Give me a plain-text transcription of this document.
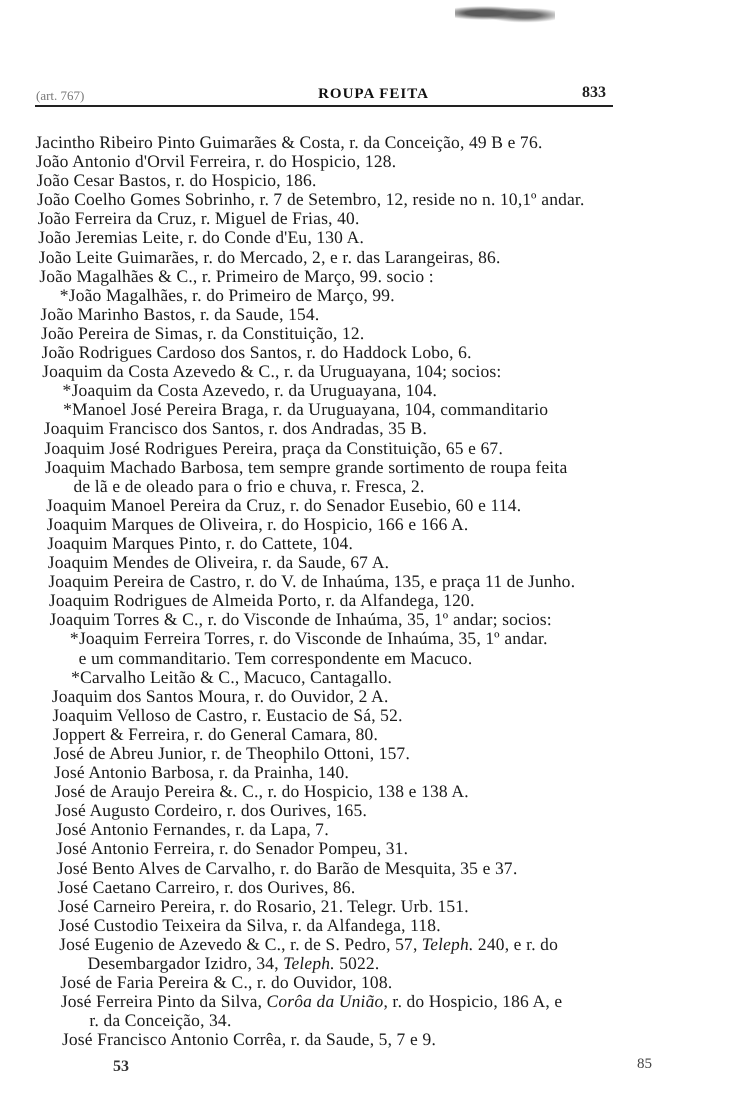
(art. 767)	ROUPA FEITA	833
Jacintho Ribeiro Pinto Guimarães & Costa, r. da Conceição, 49 B e 76.
João Antonio d'Orvil Ferreira, r. do Hospicio, 128.
João Cesar Bastos, r. do Hospicio, 186.
João Coelho Gomes Sobrinho, r. 7 de Setembro, 12, reside no n. 10,1º andar.
João Ferreira da Cruz, r. Miguel de Frias, 40.
João Jeremias Leite, r. do Conde d'Eu, 130 A.
João Leite Guimarães, r. do Mercado, 2, e r. das Larangeiras, 86.
João Magalhães & C., r. Primeiro de Março, 99. socio :
*João Magalhães, r. do Primeiro de Março, 99.
João Marinho Bastos, r. da Saude, 154.
João Pereira de Simas, r. da Constituição, 12.
João Rodrigues Cardoso dos Santos, r. do Haddock Lobo, 6.
Joaquim da Costa Azevedo & C., r. da Uruguayana, 104; socios:
*Joaquim da Costa Azevedo, r. da Uruguayana, 104.
*Manoel José Pereira Braga, r. da Uruguayana, 104, commanditario
Joaquim Francisco dos Santos, r. dos Andradas, 35 B.
Joaquim José Rodrigues Pereira, praça da Constituição, 65 e 67.
Joaquim Machado Barbosa, tem sempre grande sortimento de roupa feita
de lã e de oleado para o frio e chuva, r. Fresca, 2.
Joaquim Manoel Pereira da Cruz, r. do Senador Eusebio, 60 e 114.
Joaquim Marques de Oliveira, r. do Hospicio, 166 e 166 A.
Joaquim Marques Pinto, r. do Cattete, 104.
Joaquim Mendes de Oliveira, r. da Saude, 67 A.
Joaquim Pereira de Castro, r. do V. de Inhaúma, 135, e praça 11 de Junho.
Joaquim Rodrigues de Almeida Porto, r. da Alfandega, 120.
Joaquim Torres & C., r. do Visconde de Inhaúma, 35, 1º andar; socios:
*Joaquim Ferreira Torres, r. do Visconde de Inhaúma, 35, 1º andar.
e um commanditario. Tem correspondente em Macuco.
*Carvalho Leitão & C., Macuco, Cantagallo.
Joaquim dos Santos Moura, r. do Ouvidor, 2 A.
Joaquim Velloso de Castro, r. Eustacio de Sá, 52.
Joppert & Ferreira, r. do General Camara, 80.
José de Abreu Junior, r. de Theophilo Ottoni, 157.
José Antonio Barbosa, r. da Prainha, 140.
José de Araujo Pereira &. C., r. do Hospicio, 138 e 138 A.
José Augusto Cordeiro, r. dos Ourives, 165.
José Antonio Fernandes, r. da Lapa, 7.
José Antonio Ferreira, r. do Senador Pompeu, 31.
José Bento Alves de Carvalho, r. do Barão de Mesquita, 35 e 37.
José Caetano Carreiro, r. dos Ourives, 86.
José Carneiro Pereira, r. do Rosario, 21. Telegr. Urb. 151.
José Custodio Teixeira da Silva, r. da Alfandega, 118.
José Eugenio de Azevedo & C., r. de S. Pedro, 57, Teleph. 240, e r. do
Desembargador Izidro, 34, Teleph. 5022.
José de Faria Pereira & C., r. do Ouvidor, 108.
José Ferreira Pinto da Silva, Corôa da União, r. do Hospicio, 186 A, e
r. da Conceição, 34.
José Francisco Antonio Corrêa, r. da Saude, 5, 7 e 9.
53	85
